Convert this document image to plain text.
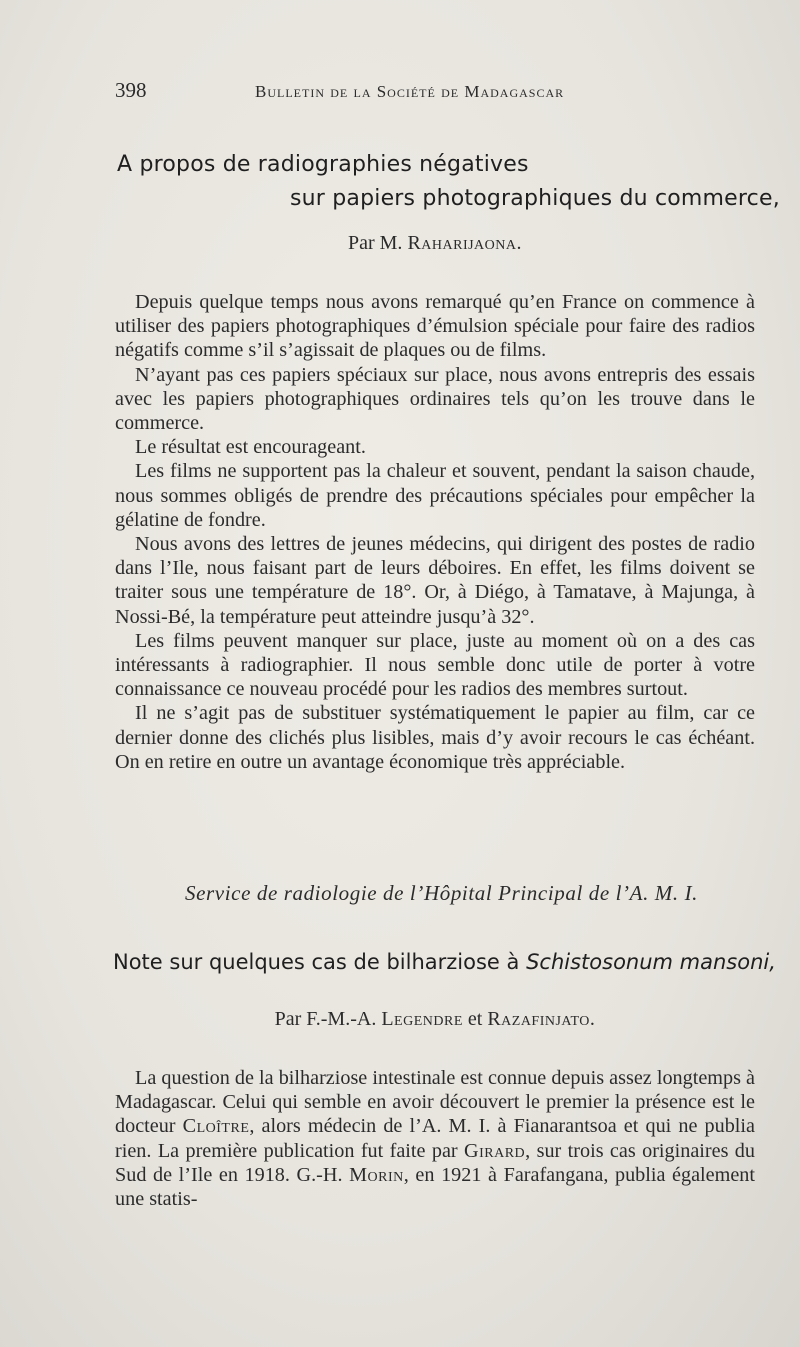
398	Bulletin de la Société de Madagascar
A propos de radiographies négatives
sur papiers photographiques du commerce,
Par M. Raharijaona.

Depuis quelque temps nous avons remarqué qu’en France on commence à utiliser des papiers photographiques d’émulsion spéciale pour faire des radios négatifs comme s’il s’agissait de plaques ou de films.

N’ayant pas ces papiers spéciaux sur place, nous avons entrepris des essais avec les papiers photographiques ordinaires tels qu’on les trouve dans le commerce.

Le résultat est encourageant.

Les films ne supportent pas la chaleur et souvent, pendant la saison chaude, nous sommes obligés de prendre des précautions spéciales pour empêcher la gélatine de fondre.

Nous avons des lettres de jeunes médecins, qui dirigent des postes de radio dans l’Ile, nous faisant part de leurs déboires. En effet, les films doivent se traiter sous une température de 18°. Or, à Diégo, à Tamatave, à Majunga, à Nossi-Bé, la température peut atteindre jusqu’à 32°.

Les films peuvent manquer sur place, juste au moment où on a des cas intéressants à radiographier. Il nous semble donc utile de porter à votre connaissance ce nouveau procédé pour les radios des membres surtout.

Il ne s’agit pas de substituer systématiquement le papier au film, car ce dernier donne des clichés plus lisibles, mais d’y avoir recours le cas échéant. On en retire en outre un avantage économique très appréciable.

Service de radiologie de l’Hôpital Principal de l’A. M. I.
Note sur quelques cas de bilharziose à Schistosonum mansoni,
Par F.-M.-A. Legendre et Razafinjato.

La question de la bilharziose intestinale est connue depuis assez longtemps à Madagascar. Celui qui semble en avoir découvert le premier la présence est le docteur Cloître, alors médecin de l’A. M. I. à Fianarantsoa et qui ne publia rien. La première publication fut faite par Girard, sur trois cas originaires du Sud de l’Ile en 1918. G.-H. Morin, en 1921 à Farafangana, publia également une statis-
